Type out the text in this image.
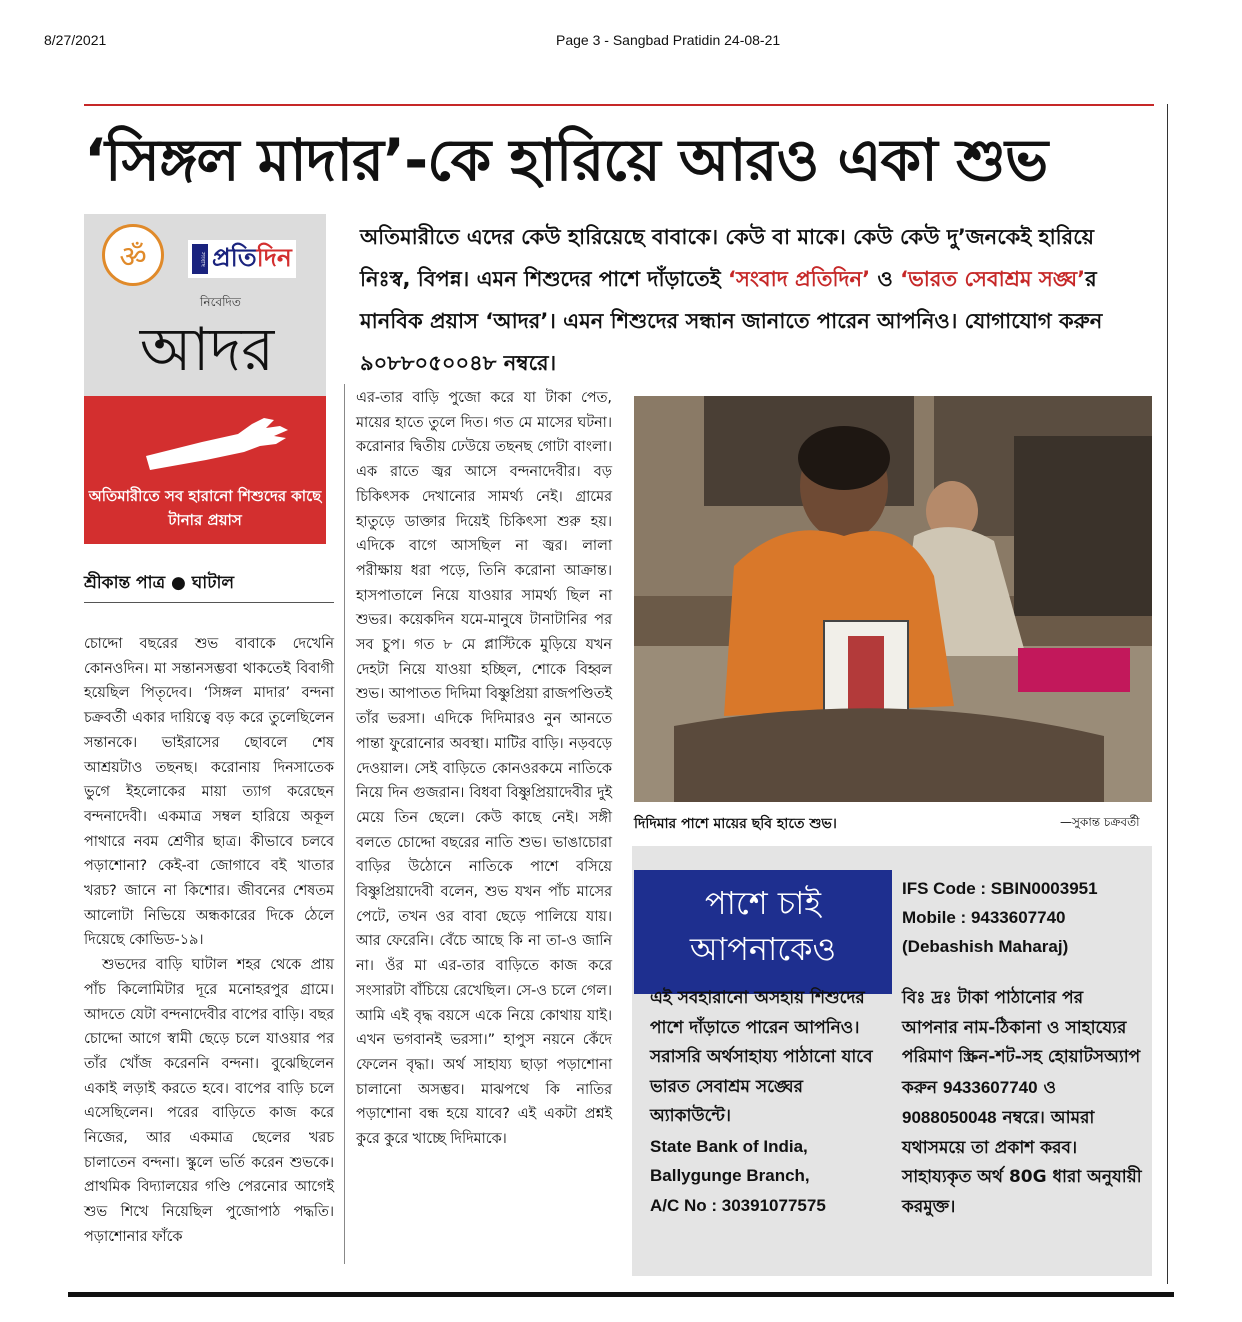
8/27/2021	Page 3 - Sangbad Pratidin 24-08-21
‘সিঙ্গল মাদার’-কে হারিয়ে আরও একা শুভ
ॐ	সংবাদ প্রতিদিন
নিবেদিত
আদর
অতিমারীতে সব হারানো শিশুদের কাছে টানার প্রয়াস
শ্রীকান্ত পাত্র ● ঘাটাল
অতিমারীতে এদের কেউ হারিয়েছে বাবাকে। কেউ বা মাকে। কেউ কেউ দু’জনকেই হারিয়ে নিঃস্ব, বিপন্ন। এমন শিশুদের পাশে দাঁড়াতেই ‘সংবাদ প্রতিদিন’ ও ‘ভারত সেবাশ্রম সঙ্ঘ’র মানবিক প্রয়াস ‘আদর’। এমন শিশুদের সন্ধান জানাতে পারেন আপনিও। যোগাযোগ করুন ৯০৮৮০৫০০৪৮ নম্বরে।

চোদ্দো বছরের শুভ বাবাকে দেখেনি কোনওদিন। মা সন্তানসম্ভবা থাকতেই বিবাগী হয়েছিল পিতৃদেব। ‘সিঙ্গল মাদার’ বন্দনা চক্রবর্তী একার দায়িত্বে বড় করে তুলেছিলেন সন্তানকে। ভাইরাসের ছোবলে শেষ আশ্রয়টাও তছনছ। করোনায় দিনসাতেক ভুগে ইহলোকের মায়া ত্যাগ করেছেন বন্দনাদেবী। একমাত্র সম্বল হারিয়ে অকূল পাথারে নবম শ্রেণীর ছাত্র। কীভাবে চলবে পড়াশোনা? কেই-বা জোগাবে বই খাতার খরচ? জানে না কিশোর। জীবনের শেষতম আলোটা নিভিয়ে অন্ধকারের দিকে ঠেলে দিয়েছে কোভিড-১৯।

শুভদের বাড়ি ঘাটাল শহর থেকে প্রায় পাঁচ কিলোমিটার দূরে মনোহরপুর গ্রামে। আদতে যেটা বন্দনাদেবীর বাপের বাড়ি। বছর চোদ্দো আগে স্বামী ছেড়ে চলে যাওয়ার পর তাঁর খোঁজ করেননি বন্দনা। বুঝেছিলেন একাই লড়াই করতে হবে। বাপের বাড়ি চলে এসেছিলেন। পরের বাড়িতে কাজ করে নিজের, আর একমাত্র ছেলের খরচ চালাতেন বন্দনা। স্কুলে ভর্তি করেন শুভকে। প্রাথমিক বিদ্যালয়ের গণ্ডি পেরনোর আগেই শুভ শিখে নিয়েছিল পুজোপাঠ পদ্ধতি। পড়াশোনার ফাঁকে

এর-তার বাড়ি পুজো করে যা টাকা পেত, মায়ের হাতে তুলে দিত। গত মে মাসের ঘটনা। করোনার দ্বিতীয় ঢেউয়ে তছনছ গোটা বাংলা। এক রাতে জ্বর আসে বন্দনাদেবীর। বড় চিকিৎসক দেখানোর সামর্থ্য নেই। গ্রামের হাতুড়ে ডাক্তার দিয়েই চিকিৎসা শুরু হয়। এদিকে বাগে আসছিল না জ্বর। লালা পরীক্ষায় ধরা পড়ে, তিনি করোনা আক্রান্ত। হাসপাতালে নিয়ে যাওয়ার সামর্থ্য ছিল না শুভর। কয়েকদিন যমে-মানুষে টানাটানির পর সব চুপ। গত ৮ মে প্লাস্টিকে মুড়িয়ে যখন দেহটা নিয়ে যাওয়া হচ্ছিল, শোকে বিহ্বল শুভ। আপাতত দিদিমা বিষ্ণুপ্রিয়া রাজপণ্ডিতই তাঁর ভরসা। এদিকে দিদিমারও নুন আনতে পান্তা ফুরোনোর অবস্থা। মাটির বাড়ি। নড়বড়ে দেওয়াল। সেই বাড়িতে কোনওরকমে নাতিকে নিয়ে দিন গুজরান। বিধবা বিষ্ণুপ্রিয়াদেবীর দুই মেয়ে তিন ছেলে। কেউ কাছে নেই। সঙ্গী বলতে চোদ্দো বছরের নাতি শুভ। ভাঙাচোরা বাড়ির উঠোনে নাতিকে পাশে বসিয়ে বিষ্ণুপ্রিয়াদেবী বলেন, শুভ যখন পাঁচ মাসের পেটে, তখন ওর বাবা ছেড়ে পালিয়ে যায়। আর ফেরেনি। বেঁচে আছে কি না তা-ও জানি না। ওঁর মা এর-তার বাড়িতে কাজ করে সংসারটা বাঁচিয়ে রেখেছিল। সে-ও চলে গেল। আমি এই বৃদ্ধ বয়সে একে নিয়ে কোথায় যাই। এখন ভগবানই ভরসা।” হাপুস নয়নে কেঁদে ফেলেন বৃদ্ধা। অর্থ সাহায্য ছাড়া পড়াশোনা চালানো অসম্ভব। মাঝপথে কি নাতির পড়াশোনা বন্ধ হয়ে যাবে? এই একটা প্রশ্নই কুরে কুরে খাচ্ছে দিদিমাকে।

দিদিমার পাশে মায়ের ছবি হাতে শুভ।	—সুকান্ত চক্রবর্তী
পাশে চাই
আপনাকেও
IFS Code : SBIN0003951
Mobile : 9433607740
(Debashish Maharaj)
এই সবহারানো অসহায় শিশুদের পাশে দাঁড়াতে পারেন আপনিও। সরাসরি অর্থসাহায্য পাঠানো যাবে ভারত সেবাশ্রম সঙ্ঘের অ্যাকাউন্টে।
State Bank of India,
Ballygunge Branch,
A/C No : 30391077575
বিঃ দ্রঃ টাকা পাঠানোর পর আপনার নাম-ঠিকানা ও সাহায্যের পরিমাণ স্ক্রিন-শট-সহ হোয়াটসঅ্যাপ করুন 9433607740 ও 9088050048 নম্বরে। আমরা যথাসময়ে তা প্রকাশ করব। সাহায্যকৃত অর্থ 80G ধারা অনুযায়ী করমুক্ত।
